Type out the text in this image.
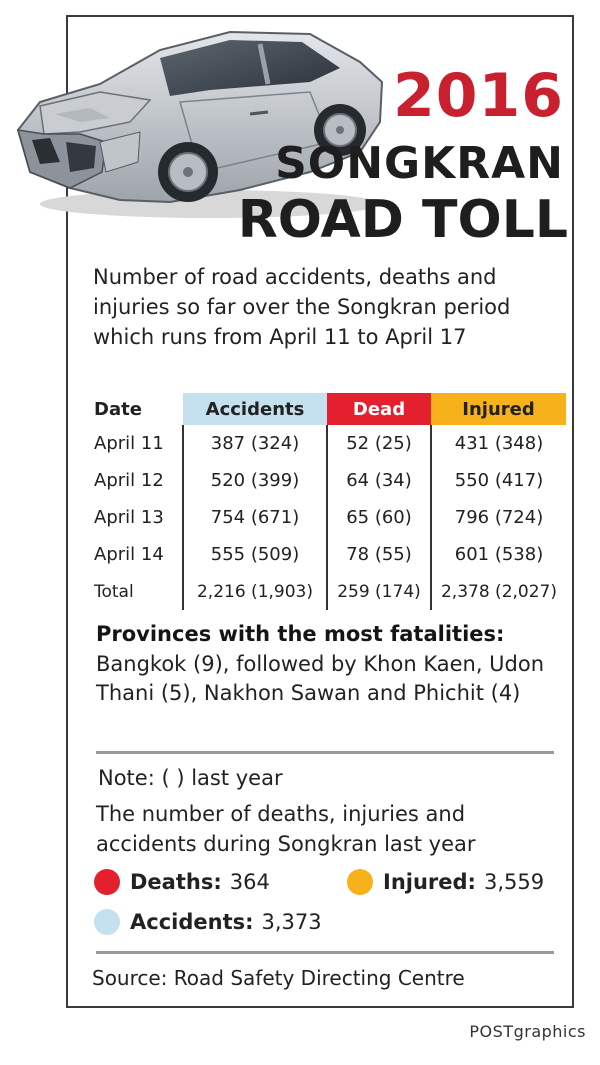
2016
SONGKRAN
ROAD TOLL

Number of road accidents, deaths and injuries so far over the Songkran period which runs from April 11 to April 17

Date	Accidents	Dead	Injured
April 11	387 (324)	52 (25)	431 (348)
April 12	520 (399)	64 (34)	550 (417)
April 13	754 (671)	65 (60)	796 (724)
April 14	555 (509)	78 (55)	601 (538)
Total	2,216 (1,903)	259 (174)	2,378 (2,027)

Provinces with the most fatalities:

Bangkok (9), followed by Khon Kaen, Udon Thani (5), Nakhon Sawan and Phichit (4)

Note: ( ) last year

The number of deaths, injuries and accidents during Songkran last year

Deaths: 364	Injured: 3,559
Accidents: 3,373

Source: Road Safety Directing Centre

POSTgraphics
